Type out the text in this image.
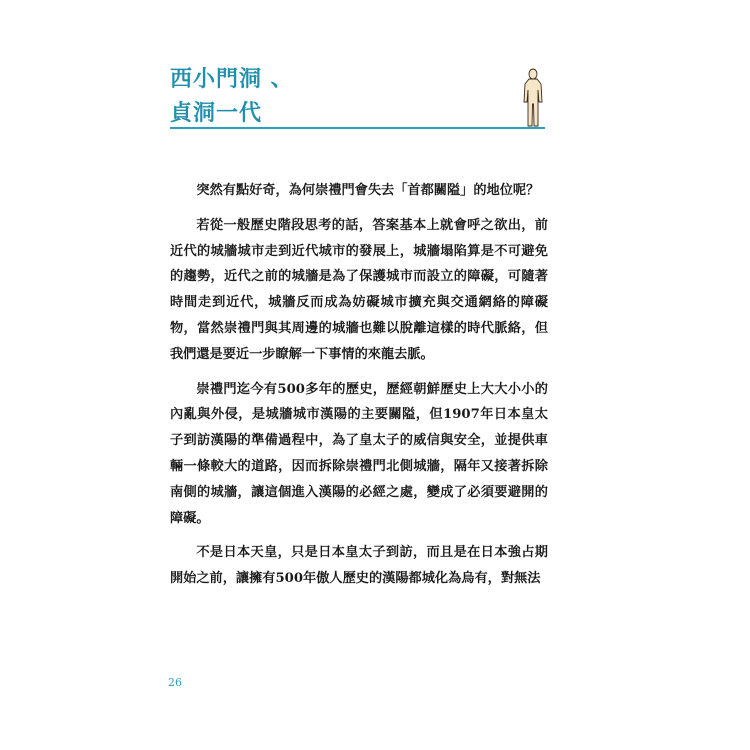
西小門洞 、
貞洞一代

突然有點好奇，為何崇禮門會失去「首都關隘」的地位呢？

若從一般歷史階段思考的話，答案基本上就會呼之欲出，前近代的城牆城市走到近代城市的發展上，城牆塌陷算是不可避免的趨勢，近代之前的城牆是為了保護城市而設立的障礙，可隨著時間走到近代，城牆反而成為妨礙城市擴充與交通網絡的障礙物，當然崇禮門與其周邊的城牆也難以脫離這樣的時代脈絡，但我們還是要近一步瞭解一下事情的來龍去脈。

崇禮門迄今有500多年的歷史，歷經朝鮮歷史上大大小小的內亂與外侵，是城牆城市漢陽的主要關隘，但1907年日本皇太子到訪漢陽的準備過程中，為了皇太子的威信與安全，並提供車輛一條較大的道路，因而拆除崇禮門北側城牆，隔年又接著拆除南側的城牆，讓這個進入漢陽的必經之處，變成了必須要避開的障礙。

不是日本天皇，只是日本皇太子到訪，而且是在日本強占期開始之前，讓擁有500年傲人歷史的漢陽都城化為烏有，對無法

26
